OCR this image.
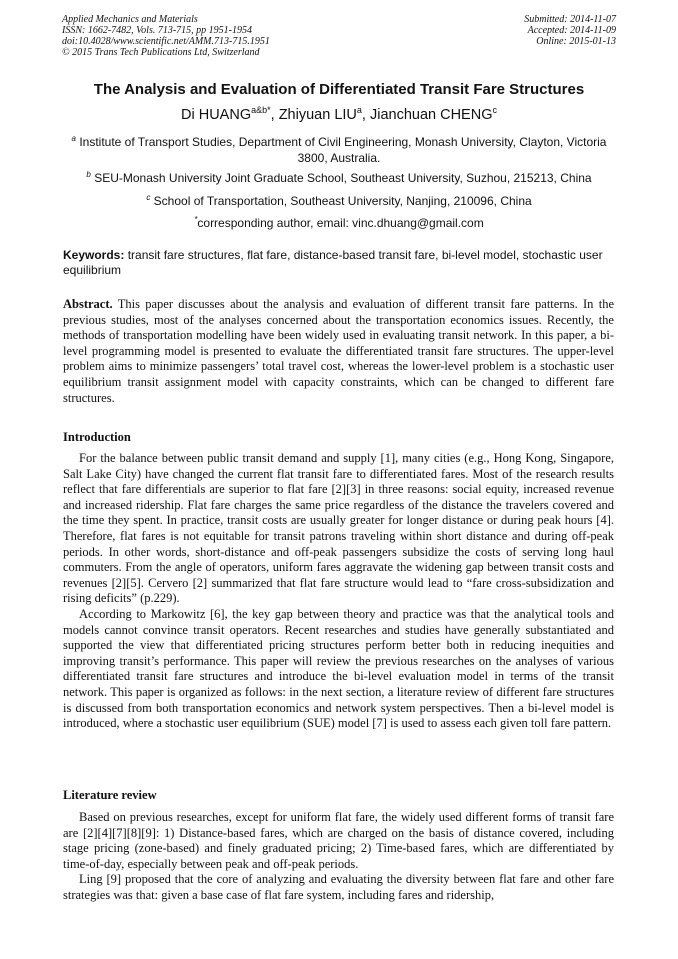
Applied Mechanics and Materials
ISSN: 1662-7482, Vols. 713-715, pp 1951-1954
doi:10.4028/www.scientific.net/AMM.713-715.1951
© 2015 Trans Tech Publications Ltd, Switzerland
Submitted: 2014-11-07
Accepted: 2014-11-09
Online: 2015-01-13
The Analysis and Evaluation of Differentiated Transit Fare Structures
Di $HUANG^{a\&b*}$, Zhiyuan LIU$^a$, Jianchuan CHENG$^c$
$^a$ Institute of Transport Studies, Department of Civil Engineering, Monash University, Clayton, Victoria 3800, Australia.
$^b$ SEU-Monash University Joint Graduate School, Southeast University, Suzhou, 215213, China
$^c$ School of Transportation, Southeast University, Nanjing, 210096, China
*corresponding author, email: vinc.dhuang@gmail.com
Keywords: transit fare structures, flat fare, distance-based transit fare, bi-level model, stochastic user equilibrium

Abstract. This paper discusses about the analysis and evaluation of different transit fare patterns. In the previous studies, most of the analyses concerned about the transportation economics issues. Recently, the methods of transportation modelling have been widely used in evaluating transit network. In this paper, a bi-level programming model is presented to evaluate the differentiated transit fare structures. The upper-level problem aims to minimize passengers’ total travel cost, whereas the lower-level problem is a stochastic user equilibrium transit assignment model with capacity constraints, which can be changed to different fare structures.

Introduction

For the balance between public transit demand and supply [1], many cities (e.g., Hong Kong, Singapore, Salt Lake City) have changed the current flat transit fare to differentiated fares. Most of the research results reflect that fare differentials are superior to flat fare [2][3] in three reasons: social equity, increased revenue and increased ridership. Flat fare charges the same price regardless of the distance the travelers covered and the time they spent. In practice, transit costs are usually greater for longer distance or during peak hours [4]. Therefore, flat fares is not equitable for transit patrons traveling within short distance and during off-peak periods. In other words, short-distance and off-peak passengers subsidize the costs of serving long haul commuters. From the angle of operators, uniform fares aggravate the widening gap between transit costs and revenues [2][5]. Cervero [2] summarized that flat fare structure would lead to “fare cross-subsidization and rising deficits” (p.229).

According to Markowitz [6], the key gap between theory and practice was that the analytical tools and models cannot convince transit operators. Recent researches and studies have generally substantiated and supported the view that differentiated pricing structures perform better both in reducing inequities and improving transit’s performance. This paper will review the previous researches on the analyses of various differentiated transit fare structures and introduce the bi-level evaluation model in terms of the transit network. This paper is organized as follows: in the next section, a literature review of different fare structures is discussed from both transportation economics and network system perspectives. Then a bi-level model is introduced, where a stochastic user equilibrium (SUE) model [7] is used to assess each given toll fare pattern.

Literature review

Based on previous researches, except for uniform flat fare, the widely used different forms of transit fare are [2][4][7][8][9]: 1) Distance-based fares, which are charged on the basis of distance covered, including stage pricing (zone-based) and finely graduated pricing; 2) Time-based fares, which are differentiated by time-of-day, especially between peak and off-peak periods.

Ling [9] proposed that the core of analyzing and evaluating the diversity between flat fare and other fare strategies was that: given a base case of flat fare system, including fares and ridership,
